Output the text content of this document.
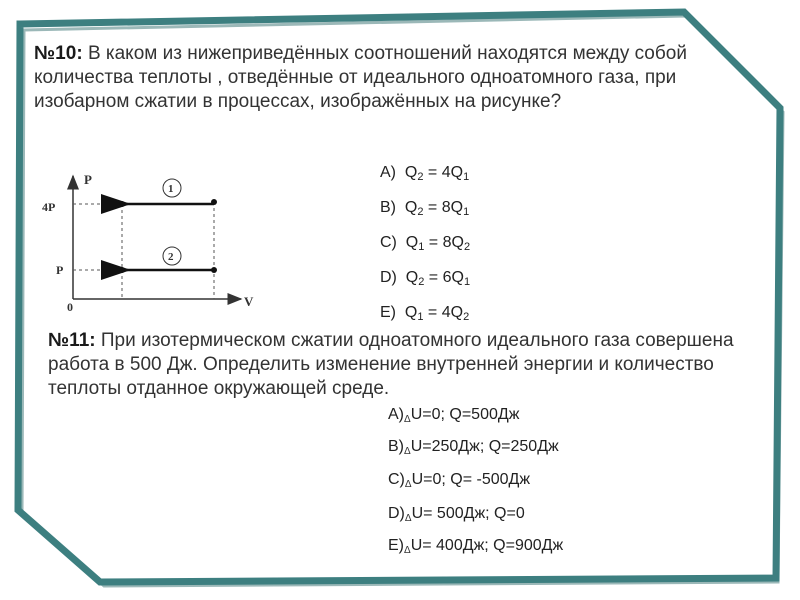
№10: В каком из нижеприведённых соотношений находятся между собой количества теплоты , отведённые от идеального одноатомного газа, при изобарном сжатии в процессах, изображённых на рисунке?
P
V
0
4P
P
1
2
A) $Q_2 = 4Q_1$
B) $Q_2 = 8Q_1$
C) $Q_1 = 8Q_2$
D) $Q_2 = 6Q_1$
E) $Q_1 = 4Q_2$
№11: При изотермическом сжатии одноатомного идеального газа совершена работа в 500 Дж. Определить изменение внутренней энергии и количество теплоты отданное окружающей среде.
A)ΔU=0; Q=500Дж
B)ΔU=250Дж; Q=250Дж
C)ΔU=0; Q= -500Дж
D)ΔU= 500Дж; Q=0
E)ΔU= 400Дж; Q=900Дж
